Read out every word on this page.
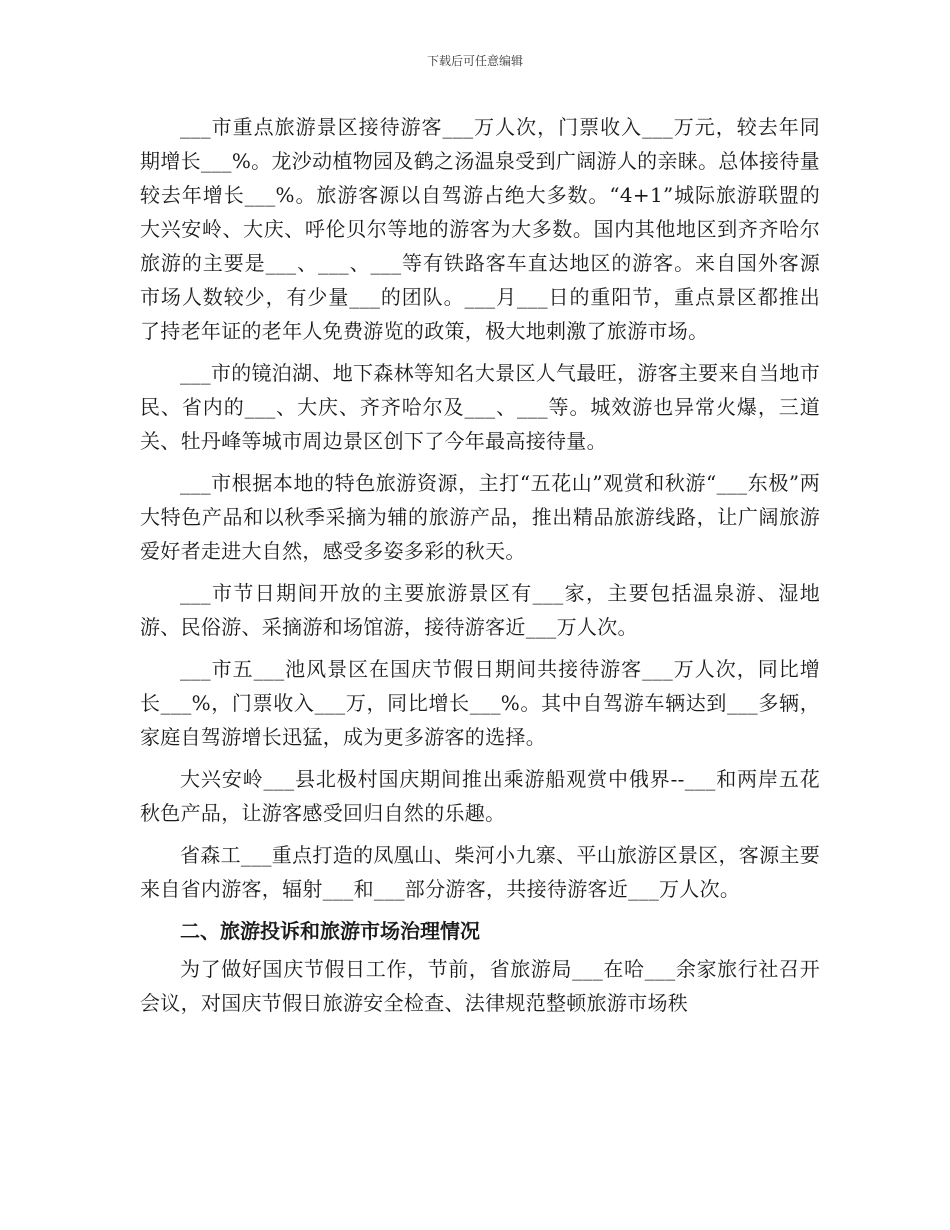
下载后可任意编辑

___市重点旅游景区接待游客___万人次，门票收入___万元，较去年同期增长___%。龙沙动植物园及鹤之汤温泉受到广阔游人的亲睐。总体接待量较去年增长___%。旅游客源以自驾游占绝大多数。“4+1”城际旅游联盟的大兴安岭、大庆、呼伦贝尔等地的游客为大多数。国内其他地区到齐齐哈尔旅游的主要是___、___、___等有铁路客车直达地区的游客。来自国外客源市场人数较少，有少量___的团队。___月___日的重阳节，重点景区都推出了持老年证的老年人免费游览的政策，极大地刺激了旅游市场。

___市的镜泊湖、地下森林等知名大景区人气最旺，游客主要来自当地市民、省内的___、大庆、齐齐哈尔及___、___等。城效游也异常火爆，三道关、牡丹峰等城市周边景区创下了今年最高接待量。

___市根据本地的特色旅游资源，主打“五花山”观赏和秋游“___东极”两大特色产品和以秋季采摘为辅的旅游产品，推出精品旅游线路，让广阔旅游爱好者走进大自然，感受多姿多彩的秋天。

___市节日期间开放的主要旅游景区有___家，主要包括温泉游、湿地游、民俗游、采摘游和场馆游，接待游客近___万人次。

___市五___池风景区在国庆节假日期间共接待游客___万人次，同比增长___%，门票收入___万，同比增长___%。其中自驾游车辆达到___多辆，家庭自驾游增长迅猛，成为更多游客的选择。

大兴安岭___县北极村国庆期间推出乘游船观赏中俄界--___和两岸五花秋色产品，让游客感受回归自然的乐趣。

省森工___重点打造的凤凰山、柴河小九寨、平山旅游区景区，客源主要来自省内游客，辐射___和___部分游客，共接待游客近___万人次。

二、旅游投诉和旅游市场治理情况

为了做好国庆节假日工作，节前，省旅游局___在哈___余家旅行社召开会议，对国庆节假日旅游安全检查、法律规范整顿旅游市场秩
